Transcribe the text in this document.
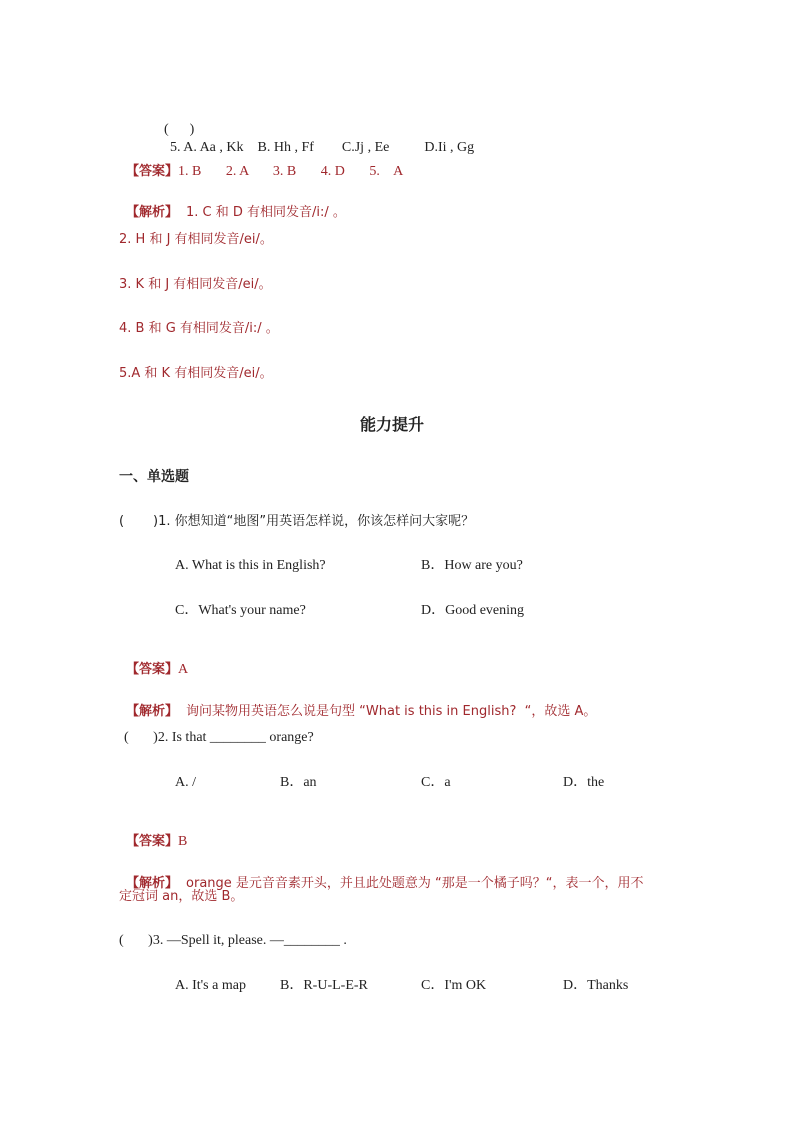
(      )
5. A. Aa , Kk    B. Hh , Ff        C.Jj , Ee          D.Ii , Gg

【答案】1. B       2. A       3. B       4. D       5.    A

【解析】 1. C 和 D 有相同发音/i:/ 。

2. H 和 J 有相同发音/ei/。
3. K 和 J 有相同发音/ei/。
4. B 和 G 有相同发音/i:/ 。
5.A 和 K 有相同发音/ei/。
能力提升
一、单选题
(       )1. 你想知道“地图”用英语怎样说，你该怎样问大家呢？
A. What is this in English?	B．How are you?
C．What's your name?	D．Good evening

【答案】A

【解析】 询问某物用英语怎么说是句型 “What is this in English?  “，故选 A。

(       )2. Is that ________ orange?
A. /	B．an	C．a	D．the

【答案】B

【解析】 orange 是元音音素开头，并且此处题意为 “那是一个橘子吗？“，表一个，用不

定冠词 an，故选 B。
(       )3. —Spell it, please. —________ .
A. It's a map B．R-U-L-E-R	C．I'm OK	D．Thanks
